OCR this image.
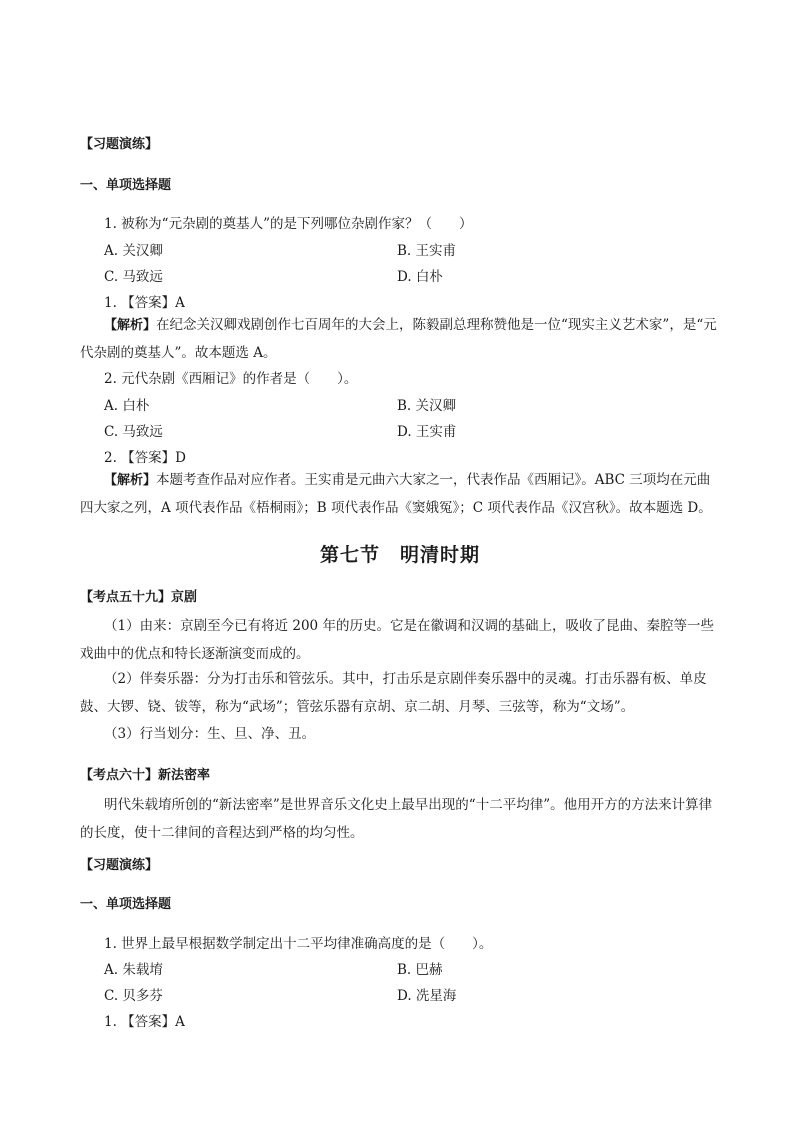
【习题演练】
一、单项选择题
1. 被称为“元杂剧的奠基人”的是下列哪位杂剧作家？（　　）
A. 关汉卿	B. 王实甫
C. 马致远	D. 白朴
1. 【答案】A
【解析】在纪念关汉卿戏剧创作七百周年的大会上，陈毅副总理称赞他是一位“现实主义艺术家”，是“元代杂剧的奠基人”。故本题选 A。
2. 元代杂剧《西厢记》的作者是（　　）。
A. 白朴	B. 关汉卿
C. 马致远	D. 王实甫
2. 【答案】D
【解析】本题考查作品对应作者。王实甫是元曲六大家之一，代表作品《西厢记》。ABC 三项均在元曲四大家之列，A 项代表作品《梧桐雨》；B 项代表作品《窦娥冤》；C 项代表作品《汉宫秋》。故本题选 D。
第七节　明清时期
【考点五十九】京剧
（1）由来：京剧至今已有将近 200 年的历史。它是在徽调和汉调的基础上，吸收了昆曲、秦腔等一些戏曲中的优点和特长逐渐演变而成的。
（2）伴奏乐器：分为打击乐和管弦乐。其中，打击乐是京剧伴奏乐器中的灵魂。打击乐器有板、单皮鼓、大锣、铙、钹等，称为“武场”；管弦乐器有京胡、京二胡、月琴、三弦等，称为“文场”。
（3）行当划分：生、旦、净、丑。
【考点六十】新法密率
明代朱载堉所创的“新法密率”是世界音乐文化史上最早出现的“十二平均律”。他用开方的方法来计算律的长度，使十二律间的音程达到严格的均匀性。
【习题演练】
一、单项选择题
1. 世界上最早根据数学制定出十二平均律准确高度的是（　　）。
A. 朱载堉	B. 巴赫
C. 贝多芬	D. 冼星海
1. 【答案】A
